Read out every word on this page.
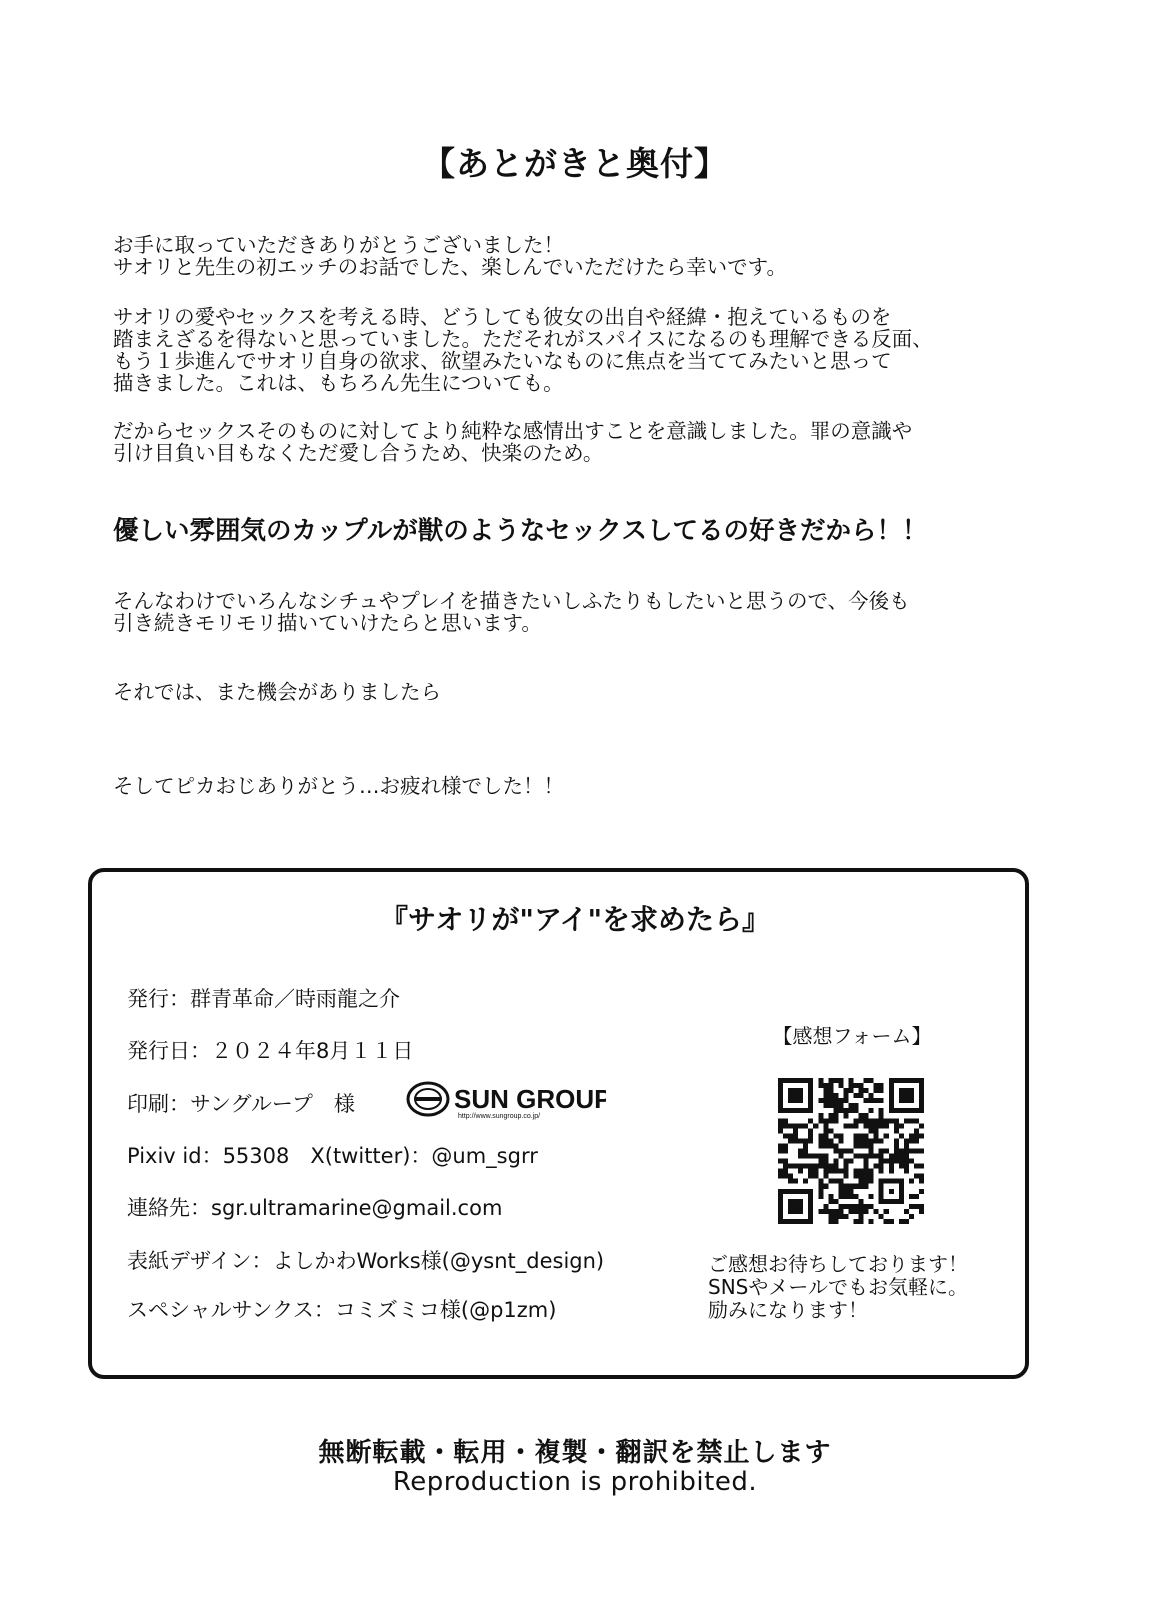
【あとがきと奥付】
お手に取っていただきありがとうございました！
サオリと先生の初エッチのお話でした、楽しんでいただけたら幸いです。
サオリの愛やセックスを考える時、どうしても彼女の出自や経緯・抱えているものを
踏まえざるを得ないと思っていました。ただそれがスパイスになるのも理解できる反面、
もう１歩進んでサオリ自身の欲求、欲望みたいなものに焦点を当ててみたいと思って
描きました。これは、もちろん先生についても。
だからセックスそのものに対してより純粋な感情出すことを意識しました。罪の意識や
引け目負い目もなくただ愛し合うため、快楽のため。
優しい雰囲気のカップルが獣のようなセックスしてるの好きだから！！
そんなわけでいろんなシチュやプレイを描きたいしふたりもしたいと思うので、今後も
引き続きモリモリ描いていけたらと思います。
それでは、また機会がありましたら
そしてピカおじありがとう…お疲れ様でした！！
『サオリが"アイ"を求めたら』
発行：群青革命／時雨龍之介
発行日：２０２４年8月１１日
印刷：サングループ　様	SUN GROUP
http://www.sungroup.co.jp/
Pixiv id：55308　X(twitter)：@um_sgrr
連絡先：sgr.ultramarine@gmail.com
表紙デザイン：よしかわWorks様(@ysnt_design)
スペシャルサンクス：コミズミコ様(@p1zm)
【感想フォーム】
ご感想お待ちしております！
SNSやメールでもお気軽に。
励みになります！
無断転載・転用・複製・翻訳を禁止します
Reproduction is prohibited.
